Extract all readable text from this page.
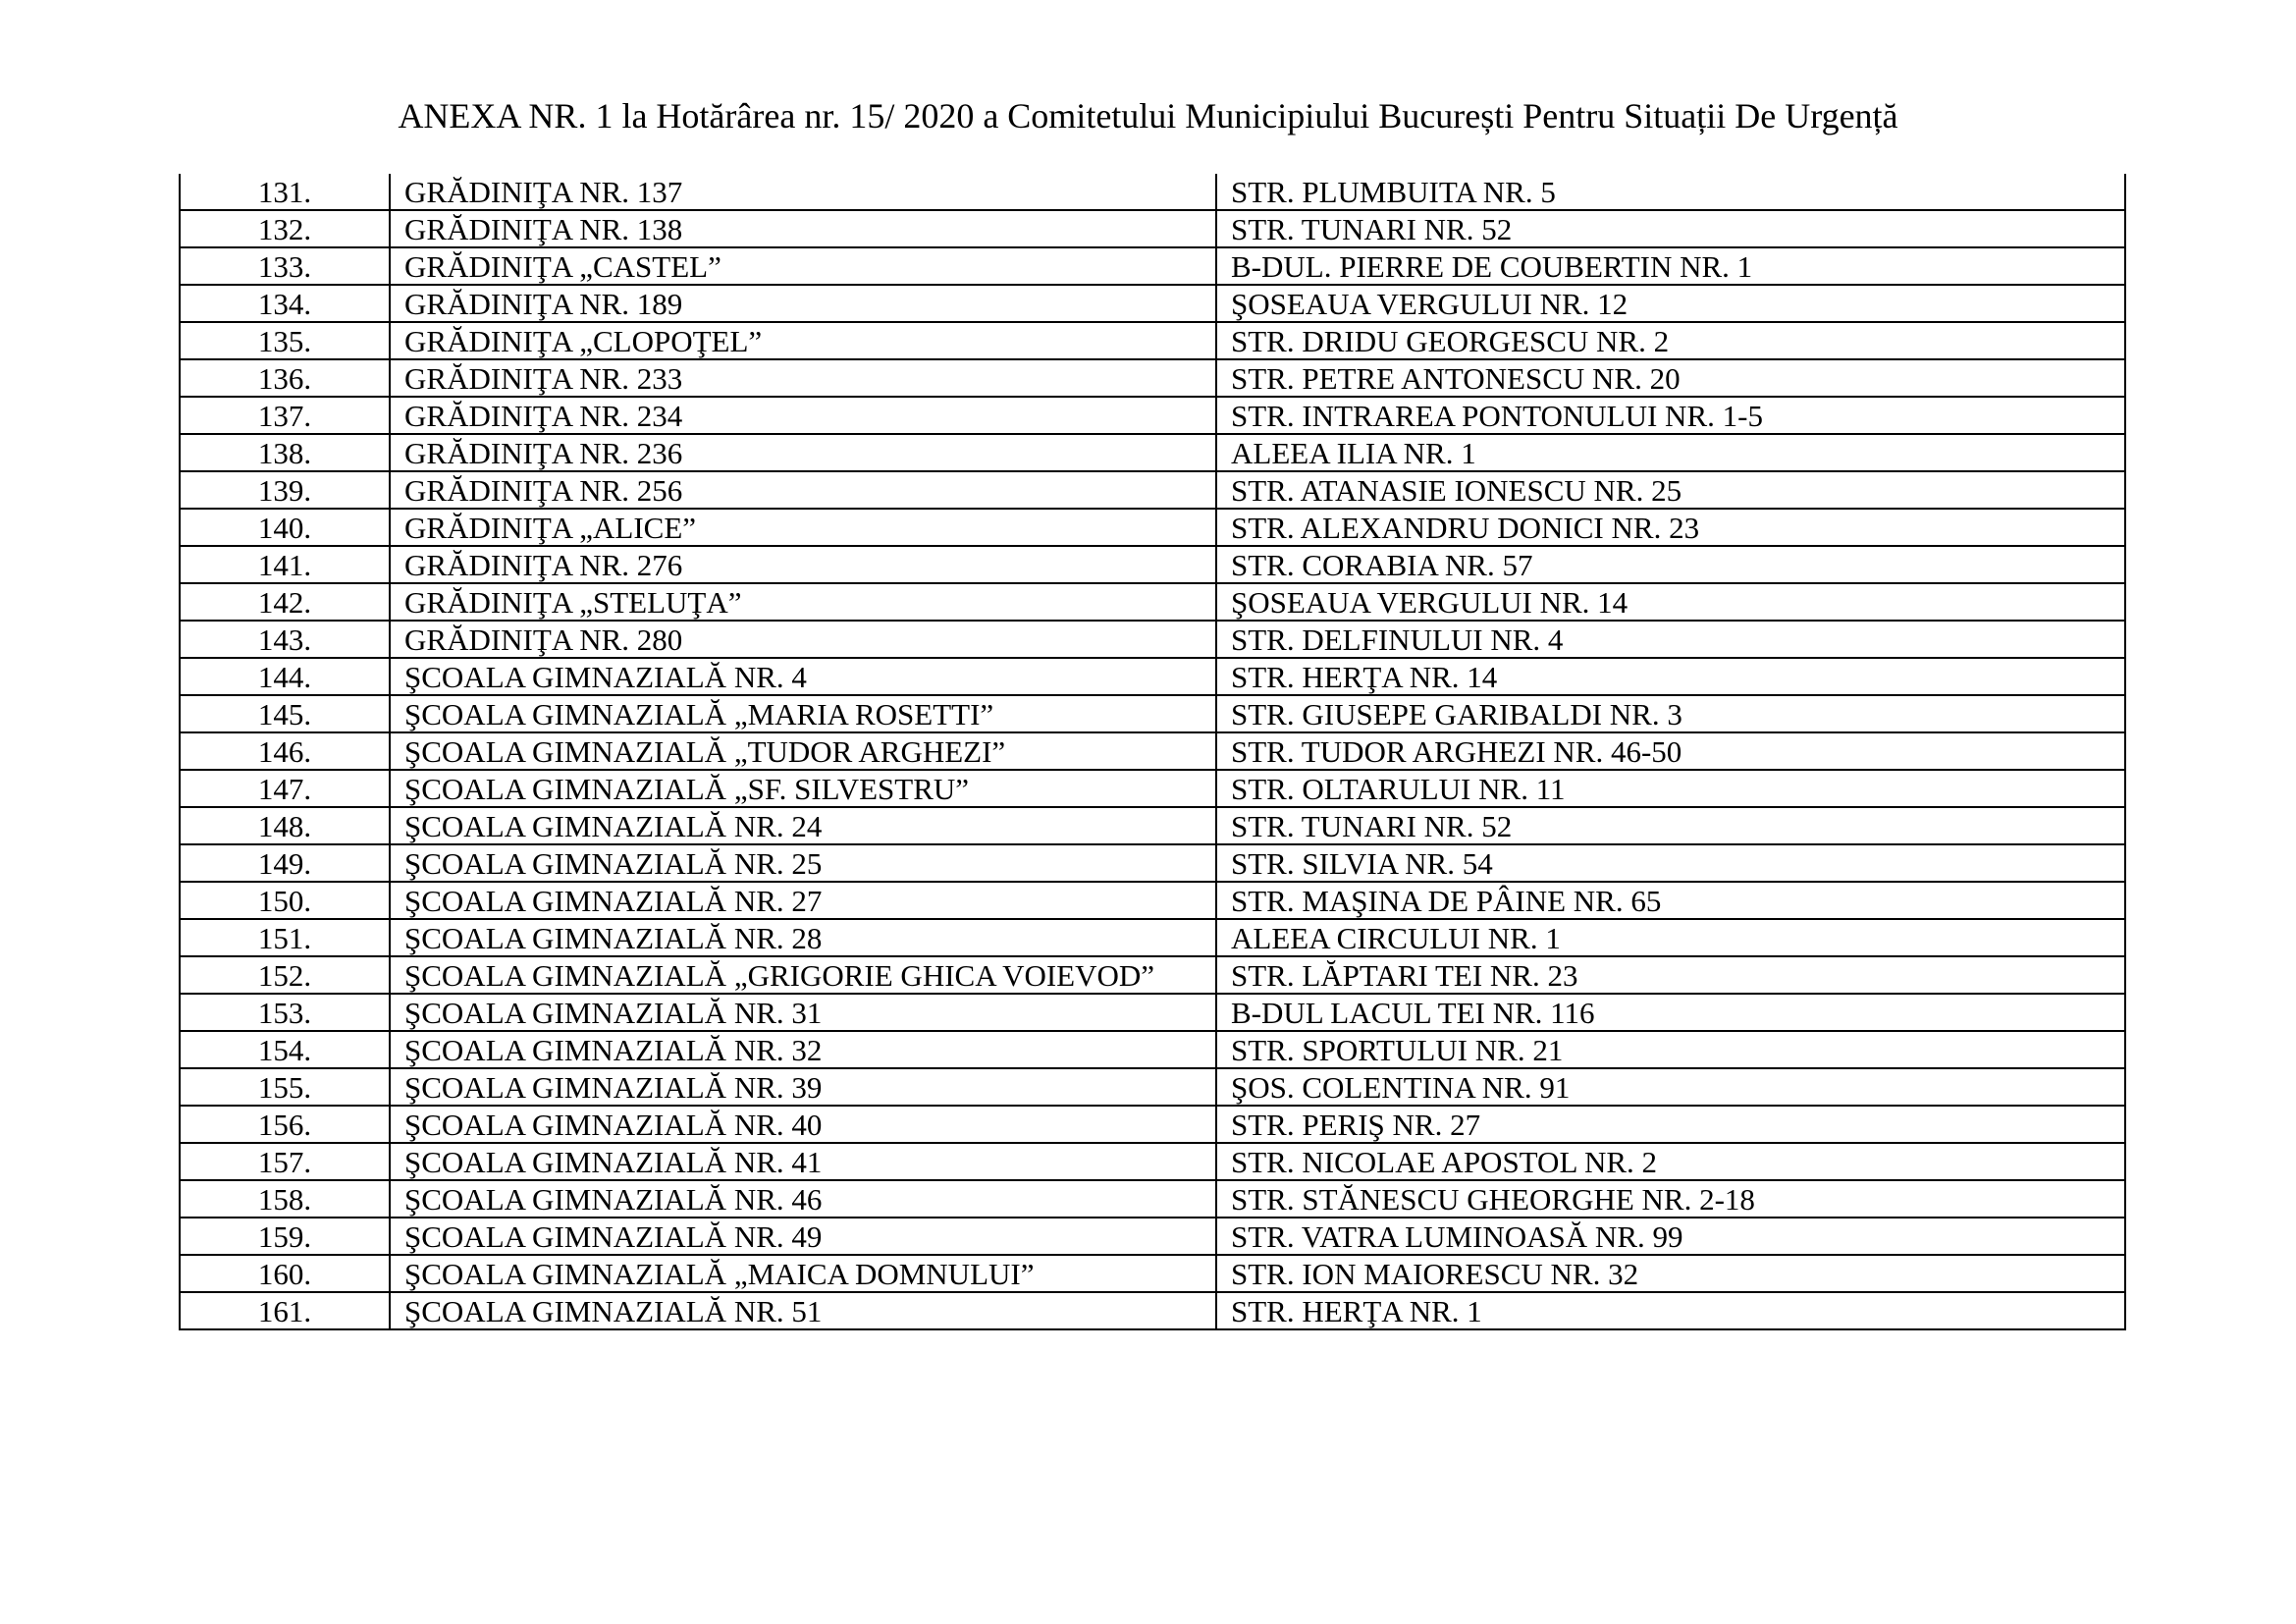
ANEXA NR. 1 la Hotărârea nr. 15/ 2020 a Comitetului Municipiului București Pentru Situații De Urgență
131.	GRĂDINIŢA NR. 137	STR. PLUMBUITA NR. 5
132.	GRĂDINIŢA NR. 138	STR. TUNARI NR. 52
133.	GRĂDINIŢA „CASTEL”	B-DUL. PIERRE DE COUBERTIN NR. 1
134.	GRĂDINIŢA NR. 189	ŞOSEAUA VERGULUI NR. 12
135.	GRĂDINIŢA „CLOPOŢEL”	STR. DRIDU GEORGESCU NR. 2
136.	GRĂDINIŢA NR. 233	STR. PETRE ANTONESCU NR. 20
137.	GRĂDINIŢA NR. 234	STR. INTRAREA PONTONULUI NR. 1-5
138.	GRĂDINIŢA NR. 236	ALEEA ILIA NR. 1
139.	GRĂDINIŢA NR. 256	STR. ATANASIE IONESCU NR. 25
140.	GRĂDINIŢA „ALICE”	STR. ALEXANDRU DONICI NR. 23
141.	GRĂDINIŢA NR. 276	STR. CORABIA NR. 57
142.	GRĂDINIŢA „STELUŢA”	ŞOSEAUA VERGULUI NR. 14
143.	GRĂDINIŢA NR. 280	STR. DELFINULUI NR. 4
144.	ŞCOALA GIMNAZIALĂ NR. 4	STR. HERŢA NR. 14
145.	ŞCOALA GIMNAZIALĂ „MARIA ROSETTI”	STR. GIUSEPE GARIBALDI NR. 3
146.	ŞCOALA GIMNAZIALĂ „TUDOR ARGHEZI”	STR. TUDOR ARGHEZI NR. 46-50
147.	ŞCOALA GIMNAZIALĂ „SF. SILVESTRU”	STR. OLTARULUI NR. 11
148.	ŞCOALA GIMNAZIALĂ NR. 24	STR. TUNARI NR. 52
149.	ŞCOALA GIMNAZIALĂ NR. 25	STR. SILVIA NR. 54
150.	ŞCOALA GIMNAZIALĂ NR. 27	STR. MAŞINA DE PÂINE NR. 65
151.	ŞCOALA GIMNAZIALĂ NR. 28	ALEEA CIRCULUI NR. 1
152.	ŞCOALA GIMNAZIALĂ „GRIGORIE GHICA VOIEVOD”	STR. LĂPTARI TEI NR. 23
153.	ŞCOALA GIMNAZIALĂ NR. 31	B-DUL LACUL TEI NR. 116
154.	ŞCOALA GIMNAZIALĂ NR. 32	STR. SPORTULUI NR. 21
155.	ŞCOALA GIMNAZIALĂ NR. 39	ŞOS. COLENTINA NR. 91
156.	ŞCOALA GIMNAZIALĂ NR. 40	STR. PERIŞ NR. 27
157.	ŞCOALA GIMNAZIALĂ NR. 41	STR. NICOLAE APOSTOL NR. 2
158.	ŞCOALA GIMNAZIALĂ NR. 46	STR. STĂNESCU GHEORGHE NR. 2-18
159.	ŞCOALA GIMNAZIALĂ NR. 49	STR. VATRA LUMINOASĂ NR. 99
160.	ŞCOALA GIMNAZIALĂ „MAICA DOMNULUI”	STR. ION MAIORESCU NR. 32
161.	ŞCOALA GIMNAZIALĂ NR. 51	STR. HERŢA NR. 1
